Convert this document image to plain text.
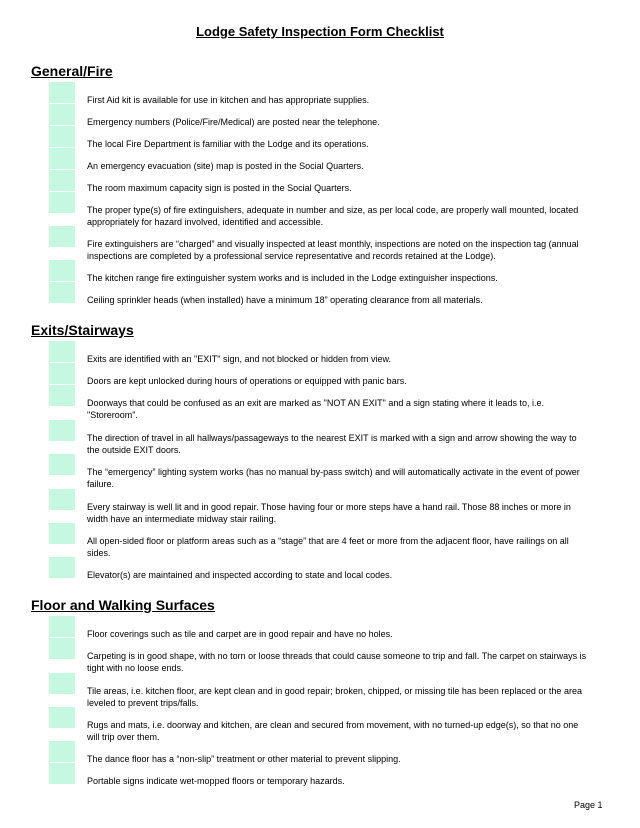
Lodge Safety Inspection Form Checklist
General/Fire
First Aid kit is available for use in kitchen and has appropriate supplies.
Emergency numbers (Police/Fire/Medical) are posted near the telephone.
The local Fire Department is familiar with the Lodge and its operations.
An emergency evacuation (site) map is posted in the Social Quarters.
The room maximum capacity sign is posted in the Social Quarters.
The proper type(s) of fire extinguishers, adequate in number and size, as per local code, are properly wall mounted, located appropriately for hazard involved, identified and accessible.
Fire extinguishers are “charged” and visually inspected at least monthly, inspections are noted on the inspection tag (annual inspections are completed by a professional service representative and records retained at the Lodge).
The kitchen range fire extinguisher system works and is included in the Lodge extinguisher inspections.
Ceiling sprinkler heads (when installed) have a minimum 18” operating clearance from all materials.
Exits/Stairways
Exits are identified with an "EXIT" sign, and not blocked or hidden from view.
Doors are kept unlocked during hours of operations or equipped with panic bars.
Doorways that could be confused as an exit are marked as "NOT AN EXIT" and a sign stating where it leads to, i.e. "Storeroom".
The direction of travel in all hallways/passageways to the nearest EXIT is marked with a sign and arrow showing the way to the outside EXIT doors.
The “emergency” lighting system works (has no manual by-pass switch) and will automatically activate in the event of power failure.
Every stairway is well lit and in good repair. Those having four or more steps have a hand rail. Those 88 inches or more in width have an intermediate midway stair railing.
All open-sided floor or platform areas such as a “stage” that are 4 feet or more from the adjacent floor, have railings on all sides.
Elevator(s) are maintained and inspected according to state and local codes.
Floor and Walking Surfaces
Floor coverings such as tile and carpet are in good repair and have no holes.
Carpeting is in good shape, with no torn or loose threads that could cause someone to trip and fall. The carpet on stairways is tight with no loose ends.
Tile areas, i.e. kitchen floor, are kept clean and in good repair; broken, chipped, or missing tile has been replaced or the area leveled to prevent trips/falls.
Rugs and mats, i.e. doorway and kitchen, are clean and secured from movement, with no turned-up edge(s), so that no one will trip over them.
The dance floor has a “non-slip” treatment or other material to prevent slipping.
Portable signs indicate wet-mopped floors or temporary hazards.
Page 1
